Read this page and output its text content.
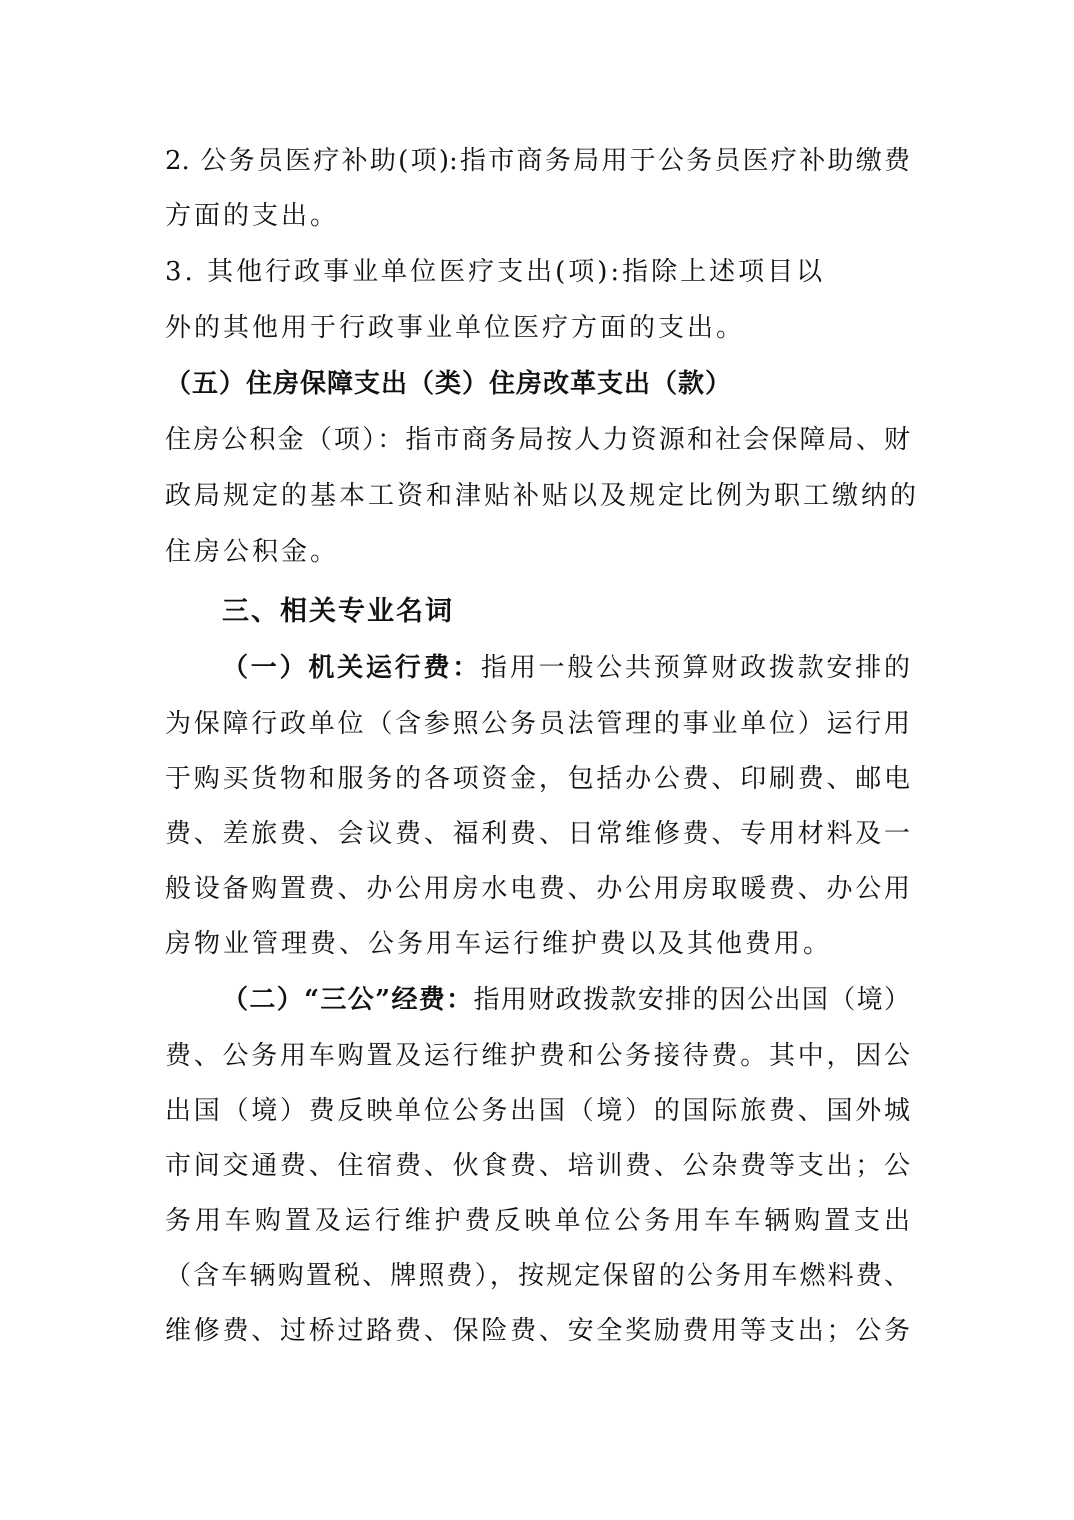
2. 公务员医疗补助(项):指市商务局用于公务员医疗补助缴费
方面的支出。
3. 其他行政事业单位医疗支出(项):指除上述项目以
外的其他用于行政事业单位医疗方面的支出。
（五）住房保障支出（类）住房改革支出（款）
住房公积金（项）：指市商务局按人力资源和社会保障局、财
政局规定的基本工资和津贴补贴以及规定比例为职工缴纳的
住房公积金。
三、相关专业名词
（一）机关运行费：指用一般公共预算财政拨款安排的
为保障行政单位（含参照公务员法管理的事业单位）运行用
于购买货物和服务的各项资金，包括办公费、印刷费、邮电
费、差旅费、会议费、福利费、日常维修费、专用材料及一
般设备购置费、办公用房水电费、办公用房取暖费、办公用
房物业管理费、公务用车运行维护费以及其他费用。
（二）“三公”经费：指用财政拨款安排的因公出国（境）
费、公务用车购置及运行维护费和公务接待费。其中，因公
出国（境）费反映单位公务出国（境）的国际旅费、国外城
市间交通费、住宿费、伙食费、培训费、公杂费等支出；公
务用车购置及运行维护费反映单位公务用车车辆购置支出
（含车辆购置税、牌照费），按规定保留的公务用车燃料费、
维修费、过桥过路费、保险费、安全奖励费用等支出；公务
